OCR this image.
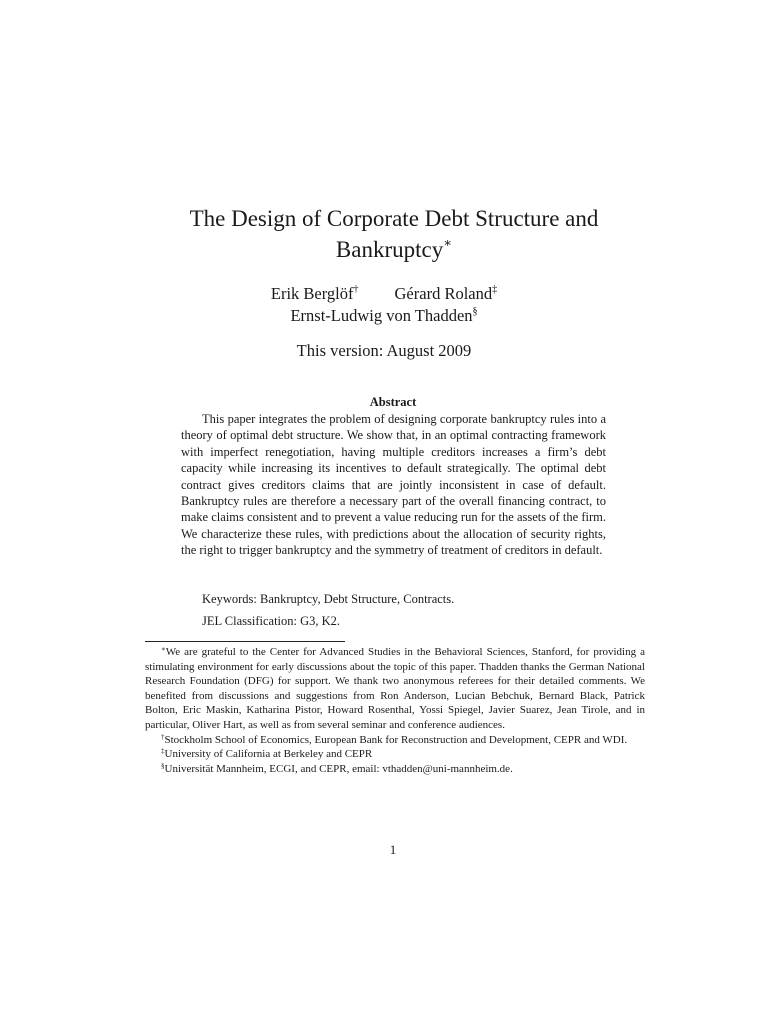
The Design of Corporate Debt Structure and Bankruptcy∗
Erik Berglöf† Gérard Roland‡
Ernst-Ludwig von Thadden§
This version: August 2009
Abstract

This paper integrates the problem of designing corporate bankruptcy rules into a theory of optimal debt structure. We show that, in an optimal contracting framework with imperfect renegotiation, having multiple creditors increases a firm’s debt capacity while increasing its incentives to default strategically. The optimal debt contract gives creditors claims that are jointly inconsistent in case of default. Bankruptcy rules are therefore a necessary part of the overall financing contract, to make claims consistent and to prevent a value reducing run for the assets of the firm. We characterize these rules, with predictions about the allocation of security rights, the right to trigger bankruptcy and the symmetry of treatment of creditors in default.

Keywords: Bankruptcy, Debt Structure, Contracts.
JEL Classification: G3, K2.

∗We are grateful to the Center for Advanced Studies in the Behavioral Sciences, Stanford, for providing a stimulating environment for early discussions about the topic of this paper. Thadden thanks the German National Research Foundation (DFG) for support. We thank two anonymous referees for their detailed comments. We benefited from discussions and suggestions from Ron Anderson, Lucian Bebchuk, Bernard Black, Patrick Bolton, Eric Maskin, Katharina Pistor, Howard Rosenthal, Yossi Spiegel, Javier Suarez, Jean Tirole, and in particular, Oliver Hart, as well as from several seminar and conference audiences.

†Stockholm School of Economics, European Bank for Reconstruction and Development, CEPR and WDI.

‡University of California at Berkeley and CEPR

§Universität Mannheim, ECGI, and CEPR, email: vthadden@uni-mannheim.de.

1
